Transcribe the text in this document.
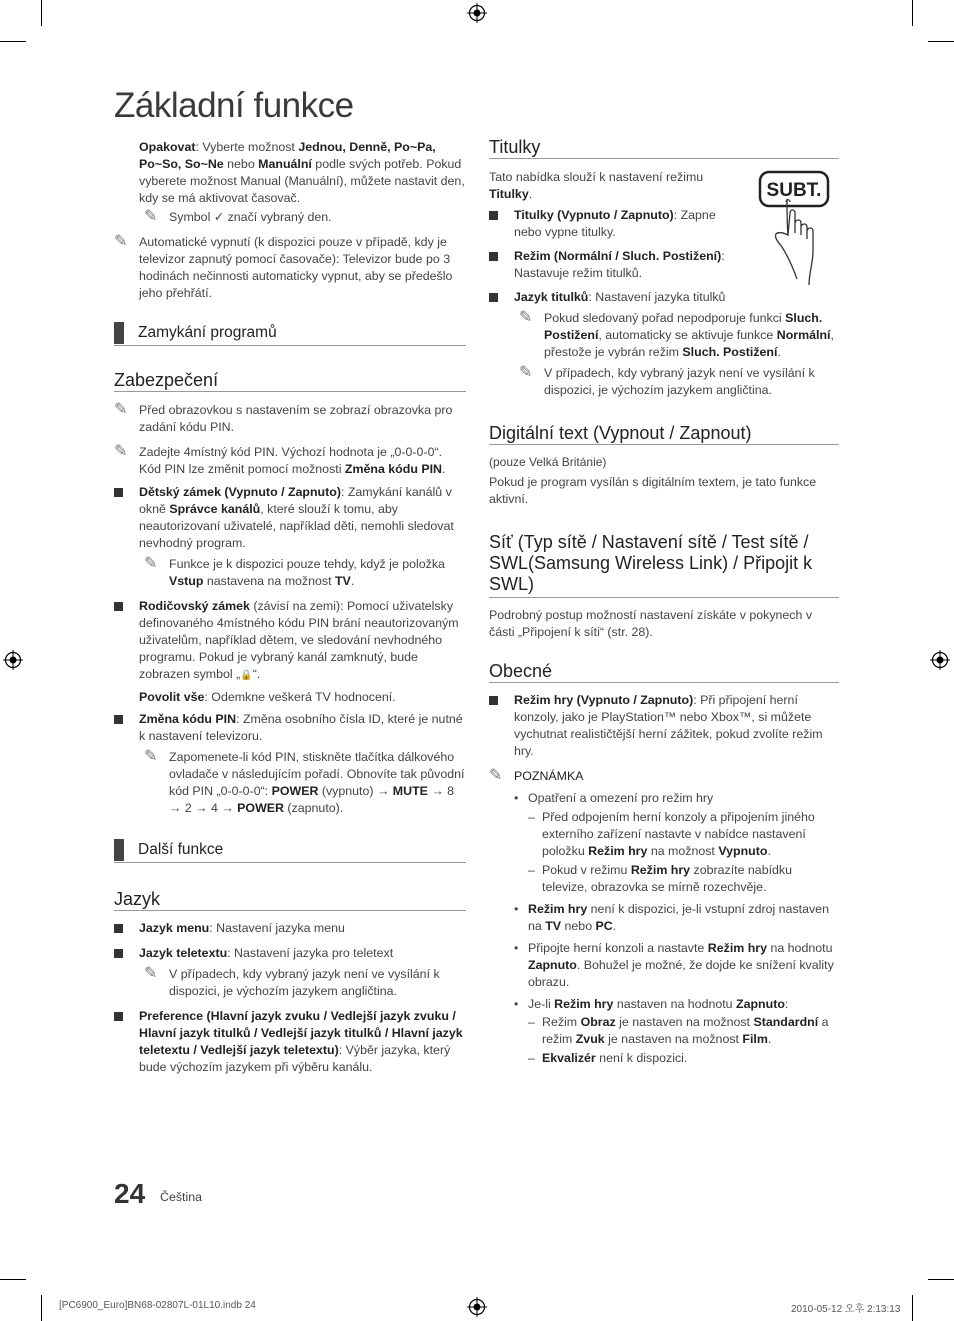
Základní funkce

Opakovat: Vyberte možnost Jednou, Denně, Po~Pa, Po~So, So~Ne nebo Manuální podle svých potřeb. Pokud vyberete možnost Manual (Manuální), můžete nastavit den, kdy se má aktivovat časovač.

✎ Symbol ✓ značí vybraný den.
✎ Automatické vypnutí (k dispozici pouze v případě, kdy je televizor zapnutý pomocí časovače): Televizor bude po 3 hodinách nečinnosti automaticky vypnut, aby se předešlo jeho přehřátí.
Zamykání programů
Zabezpečení
✎ Před obrazovkou s nastavením se zobrazí obrazovka pro zadání kódu PIN.
✎ Zadejte 4místný kód PIN. Výchozí hodnota je „0-0-0-0“. Kód PIN lze změnit pomocí možnosti Změna kódu PIN.
Dětský zámek (Vypnuto / Zapnuto): Zamykání kanálů v okně Správce kanálů, které slouží k tomu, aby neautorizovaní uživatelé, například děti, nemohli sledovat nevhodný program.
✎ Funkce je k dispozici pouze tehdy, když je položka Vstup nastavena na možnost TV.
Rodičovský zámek (závisí na zemi): Pomocí uživatelsky definovaného 4místného kódu PIN brání neautorizovaným uživatelům, například dětem, ve sledování nevhodného programu. Pokud je vybraný kanál zamknutý, bude zobrazen symbol „🔒“.

Povolit vše: Odemkne veškerá TV hodnocení.

Změna kódu PIN: Změna osobního čísla ID, které je nutné k nastavení televizoru.
✎ Zapomenete-li kód PIN, stiskněte tlačítka dálkového ovladače v následujícím pořadí. Obnovíte tak původní kód PIN „0-0-0-0“: POWER (vypnuto) → MUTE → 8 → 2 → 4 → POWER (zapnuto).
Další funkce
Jazyk
Jazyk menu: Nastavení jazyka menu
Jazyk teletextu: Nastavení jazyka pro teletext
✎ V případech, kdy vybraný jazyk není ve vysílání k dispozici, je výchozím jazykem angličtina.
Preference (Hlavní jazyk zvuku / Vedlejší jazyk zvuku / Hlavní jazyk titulků / Vedlejší jazyk titulků / Hlavní jazyk teletextu / Vedlejší jazyk teletextu): Výběr jazyka, který bude výchozím jazykem při výběru kanálu.
Titulky
SUBT.

Tato nabídka slouží k nastavení režimu Titulky.

Titulky (Vypnuto / Zapnuto): Zapne nebo vypne titulky.
Režim (Normální / Sluch. Postižení): Nastavuje režim titulků.
Jazyk titulků: Nastavení jazyka titulků
✎ Pokud sledovaný pořad nepodporuje funkci Sluch. Postižení, automaticky se aktivuje funkce Normální, přestože je vybrán režim Sluch. Postižení.
✎ V případech, kdy vybraný jazyk není ve vysílání k dispozici, je výchozím jazykem angličtina.
Digitální text (Vypnout / Zapnout)

(pouze Velká Británie)

Pokud je program vysílán s digitálním textem, je tato funkce aktivní.

Síť (Typ sítě / Nastavení sítě / Test sítě / SWL(Samsung Wireless Link) / Připojit k SWL)

Podrobný postup možností nastavení získáte v pokynech v části „Připojení k síti“ (str. 28).

Obecné
Režim hry (Vypnuto / Zapnuto): Při připojení herní konzoly, jako je PlayStation™ nebo Xbox™, si můžete vychutnat realističtější herní zážitek, pokud zvolíte režim hry.
✎ POZNÁMKA
• Opatření a omezení pro režim hry
– Před odpojením herní konzoly a připojením jiného externího zařízení nastavte v nabídce nastavení položku Režim hry na možnost Vypnuto.
– Pokud v režimu Režim hry zobrazíte nabídku televize, obrazovka se mírně rozechvěje.
• Režim hry není k dispozici, je-li vstupní zdroj nastaven na TV nebo PC.
• Připojte herní konzoli a nastavte Režim hry na hodnotu Zapnuto. Bohužel je možné, že dojde ke snížení kvality obrazu.
• Je-li Režim hry nastaven na hodnotu Zapnuto:
– Režim Obraz je nastaven na možnost Standardní a režim Zvuk je nastaven na možnost Film.
– Ekvalizér není k dispozici.
24 Čeština
[PC6900_Euro]BN68-02807L-01L10.indb 24	2010-05-12 오후 2:13:13
